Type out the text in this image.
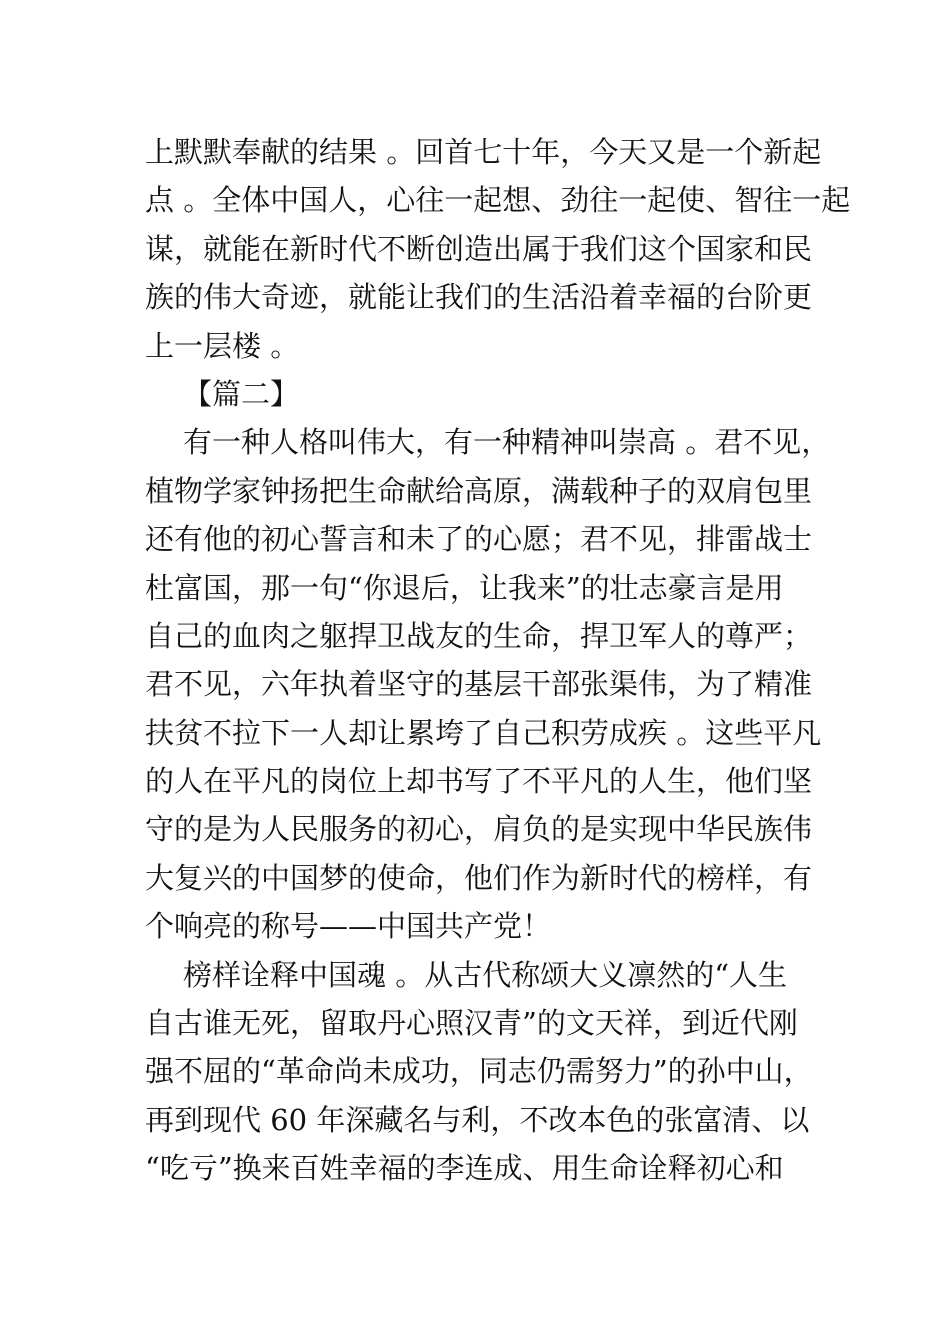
上默默奉献的结果 。回首七十年，今天又是一个新起
点 。全体中国人，心往一起想、劲往一起使、智往一起
谋，就能在新时代不断创造出属于我们这个国家和民
族的伟大奇迹，就能让我们的生活沿着幸福的台阶更
上一层楼 。
【篇二】
有一种人格叫伟大，有一种精神叫崇高 。君不见，
植物学家钟扬把生命献给高原，满载种子的双肩包里
还有他的初心誓言和未了的心愿；君不见，排雷战士
杜富国，那一句“你退后，让我来”的壮志豪言是用
自己的血肉之躯捍卫战友的生命，捍卫军人的尊严；
君不见，六年执着坚守的基层干部张渠伟，为了精准
扶贫不拉下一人却让累垮了自己积劳成疾 。这些平凡
的人在平凡的岗位上却书写了不平凡的人生，他们坚
守的是为人民服务的初心，肩负的是实现中华民族伟
大复兴的中国梦的使命，他们作为新时代的榜样，有
个响亮的称号——中国共产党！
榜样诠释中国魂 。从古代称颂大义凛然的“人生
自古谁无死，留取丹心照汉青”的文天祥，到近代刚
强不屈的“革命尚未成功，同志仍需努力”的孙中山，
再到现代 60 年深藏名与利，不改本色的张富清、以
“吃亏”换来百姓幸福的李连成、用生命诠释初心和
